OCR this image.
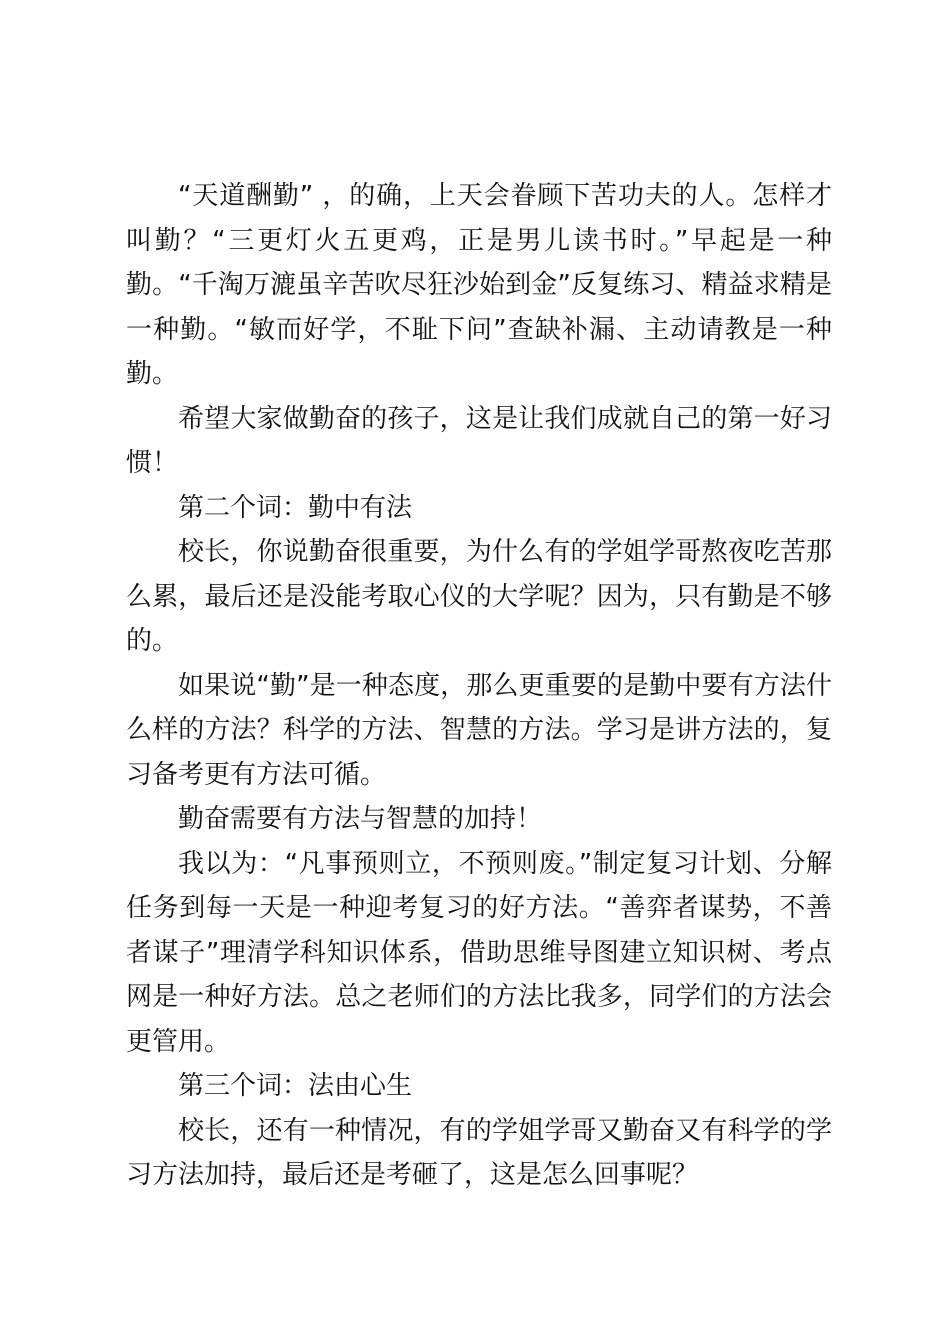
“天道酬勤” ，的确，上天会眷顾下苦功夫的人。怎样才叫勤？“三更灯火五更鸡，正是男儿读书时。”早起是一种勤。“千淘万漉虽辛苦吹尽狂沙始到金”反复练习、精益求精是一种勤。“敏而好学，不耻下问”查缺补漏、主动请教是一种勤。

希望大家做勤奋的孩子，这是让我们成就自己的第一好习惯！

第二个词：勤中有法

校长，你说勤奋很重要，为什么有的学姐学哥熬夜吃苦那么累，最后还是没能考取心仪的大学呢？因为，只有勤是不够的。

如果说“勤”是一种态度，那么更重要的是勤中要有方法什么样的方法？科学的方法、智慧的方法。学习是讲方法的，复习备考更有方法可循。

勤奋需要有方法与智慧的加持！

我以为：“凡事预则立，不预则废。”制定复习计划、分解任务到每一天是一种迎考复习的好方法。“善弈者谋势，不善者谋子”理清学科知识体系，借助思维导图建立知识树、考点网是一种好方法。总之老师们的方法比我多，同学们的方法会更管用。

第三个词：法由心生

校长，还有一种情况，有的学姐学哥又勤奋又有科学的学习方法加持，最后还是考砸了，这是怎么回事呢？
